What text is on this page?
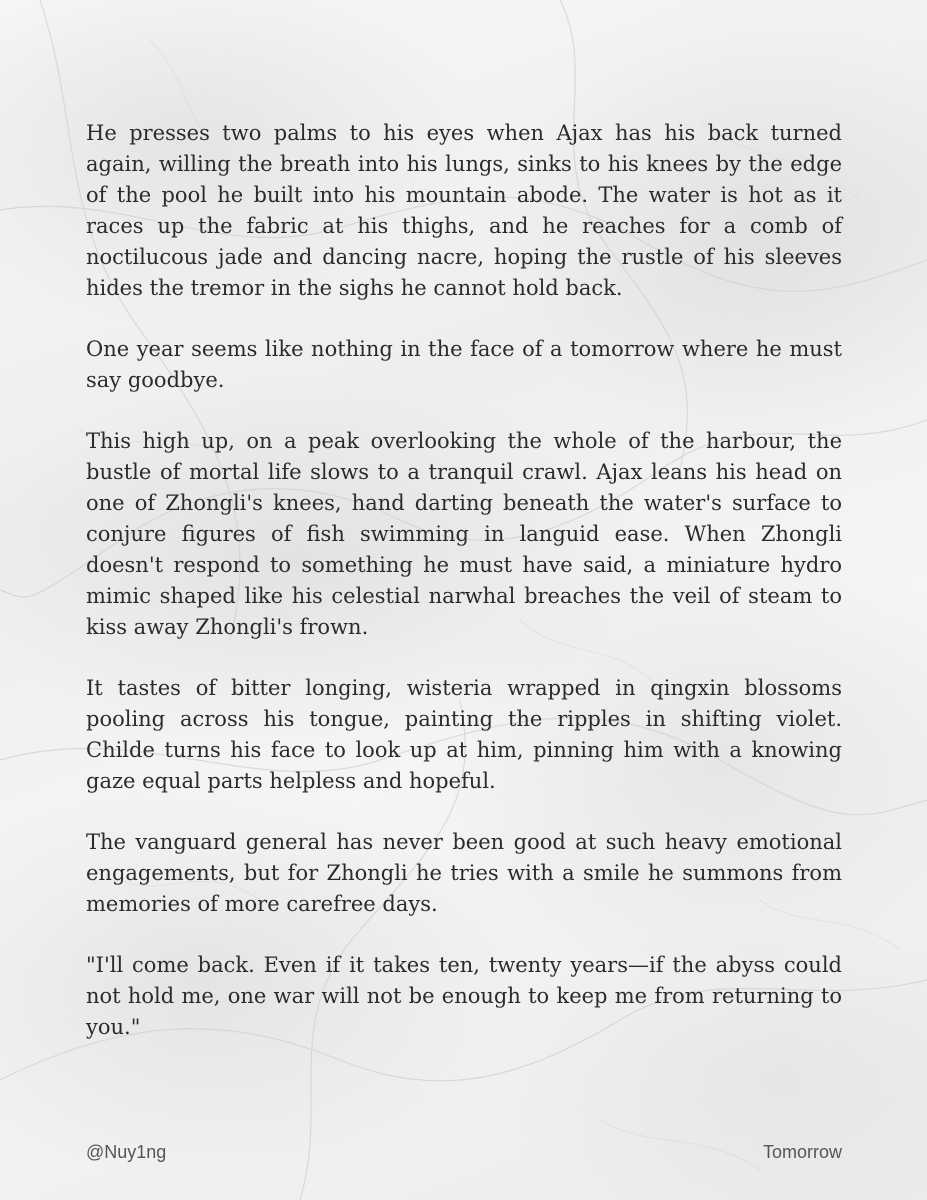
He presses two palms to his eyes when Ajax has his back turned again, willing the breath into his lungs, sinks to his knees by the edge of the pool he built into his mountain abode. The water is hot as it races up the fabric at his thighs, and he reaches for a comb of noctilucous jade and dancing nacre, hoping the rustle of his sleeves hides the tremor in the sighs he cannot hold back.

One year seems like nothing in the face of a tomorrow where he must say goodbye.

This high up, on a peak overlooking the whole of the harbour, the bustle of mortal life slows to a tranquil crawl. Ajax leans his head on one of Zhongli's knees, hand darting beneath the water's surface to conjure figures of fish swimming in languid ease. When Zhongli doesn't respond to something he must have said, a miniature hydro mimic shaped like his celestial narwhal breaches the veil of steam to kiss away Zhongli's frown.

It tastes of bitter longing, wisteria wrapped in qingxin blossoms pooling across his tongue, painting the ripples in shifting violet. Childe turns his face to look up at him, pinning him with a knowing gaze equal parts helpless and hopeful.

The vanguard general has never been good at such heavy emotional engagements, but for Zhongli he tries with a smile he summons from memories of more carefree days.

"I'll come back. Even if it takes ten, twenty years—if the abyss could not hold me, one war will not be enough to keep me from returning to you."

@Nuy1ng	Tomorrow
